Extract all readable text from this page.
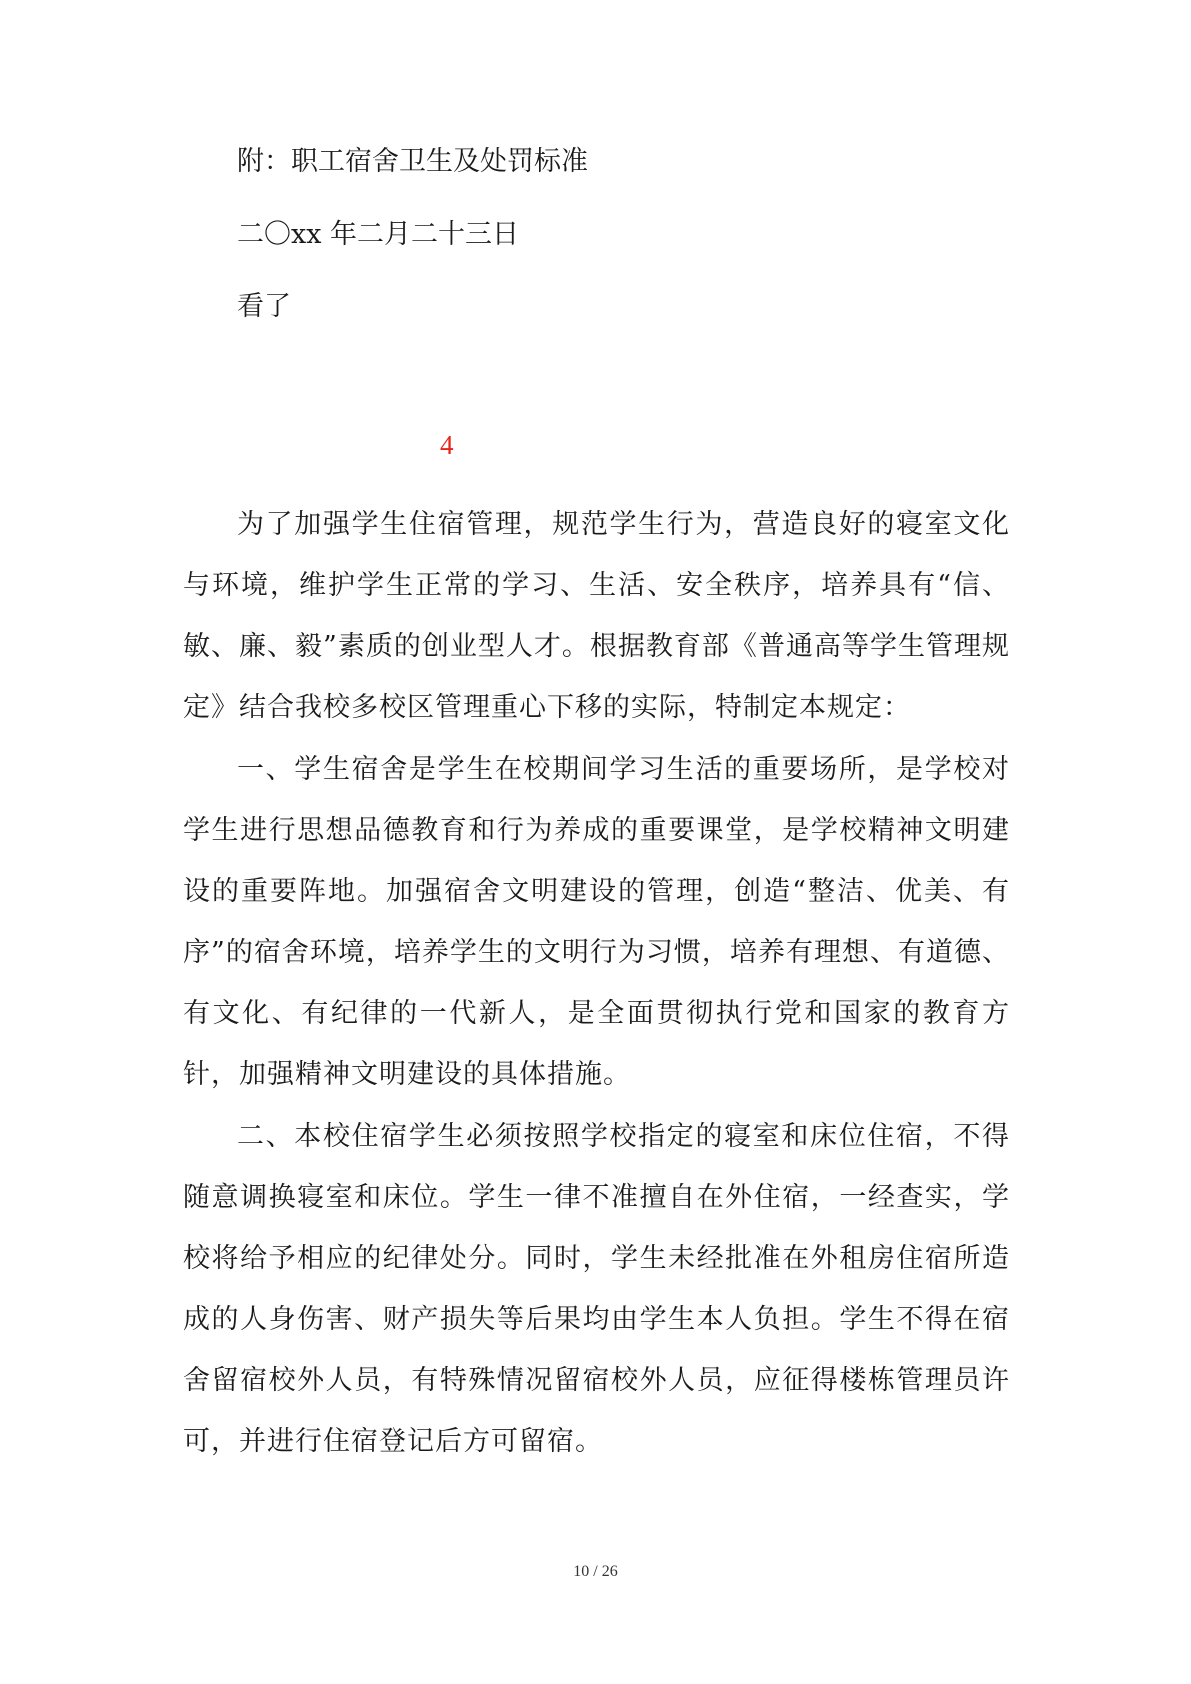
附：职工宿舍卫生及处罚标准
二〇xx 年二月二十三日
看了
4

为了加强学生住宿管理，规范学生行为，营造良好的寝室文化与环境，维护学生正常的学习、生活、安全秩序，培养具有“信、敏、廉、毅”素质的创业型人才。根据教育部《普通高等学生管理规定》结合我校多校区管理重心下移的实际，特制定本规定：

一、学生宿舍是学生在校期间学习生活的重要场所，是学校对学生进行思想品德教育和行为养成的重要课堂，是学校精神文明建设的重要阵地。加强宿舍文明建设的管理，创造“整洁、优美、有序”的宿舍环境，培养学生的文明行为习惯，培养有理想、有道德、有文化、有纪律的一代新人，是全面贯彻执行党和国家的教育方针，加强精神文明建设的具体措施。

二、本校住宿学生必须按照学校指定的寝室和床位住宿，不得随意调换寝室和床位。学生一律不准擅自在外住宿，一经查实，学校将给予相应的纪律处分。同时，学生未经批准在外租房住宿所造成的人身伤害、财产损失等后果均由学生本人负担。学生不得在宿舍留宿校外人员，有特殊情况留宿校外人员，应征得楼栋管理员许可，并进行住宿登记后方可留宿。

10 / 26
